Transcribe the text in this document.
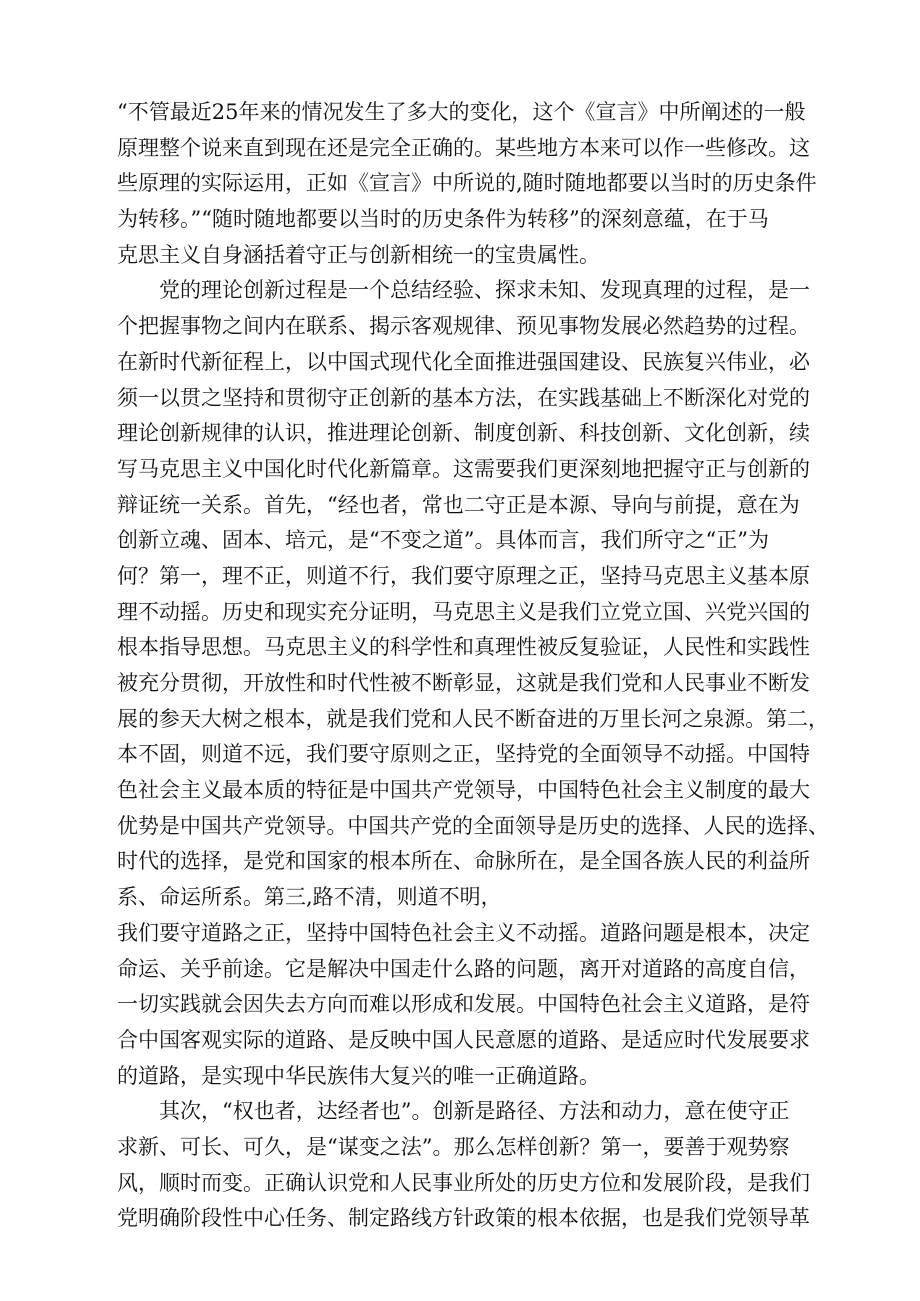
“不管最近25年来的情况发生了多大的变化，这个《宣言》中所阐述的一般
原理整个说来直到现在还是完全正确的。某些地方本来可以作一些修改。这
些原理的实际运用，正如《宣言》中所说的,随时随地都要以当时的历史条件
为转移。”“随时随地都要以当时的历史条件为转移”的深刻意蕴，在于马
克思主义自身涵括着守正与创新相统一的宝贵属性。
党的理论创新过程是一个总结经验、探求未知、发现真理的过程，是一
个把握事物之间内在联系、揭示客观规律、预见事物发展必然趋势的过程。
在新时代新征程上，以中国式现代化全面推进强国建设、民族复兴伟业，必
须一以贯之坚持和贯彻守正创新的基本方法，在实践基础上不断深化对党的
理论创新规律的认识，推进理论创新、制度创新、科技创新、文化创新，续
写马克思主义中国化时代化新篇章。这需要我们更深刻地把握守正与创新的
辩证统一关系。首先，“经也者，常也二守正是本源、导向与前提，意在为
创新立魂、固本、培元，是“不变之道”。具体而言，我们所守之“正”为
何？第一，理不正，则道不行，我们要守原理之正，坚持马克思主义基本原
理不动摇。历史和现实充分证明，马克思主义是我们立党立国、兴党兴国的
根本指导思想。马克思主义的科学性和真理性被反复验证，人民性和实践性
被充分贯彻，开放性和时代性被不断彰显，这就是我们党和人民事业不断发
展的参天大树之根本，就是我们党和人民不断奋进的万里长河之泉源。第二，
本不固，则道不远，我们要守原则之正，坚持党的全面领导不动摇。中国特
色社会主义最本质的特征是中国共产党领导，中国特色社会主义制度的最大
优势是中国共产党领导。中国共产党的全面领导是历史的选择、人民的选择、
时代的选择，是党和国家的根本所在、命脉所在，是全国各族人民的利益所
系、命运所系。第三,路不清，则道不明，
我们要守道路之正，坚持中国特色社会主义不动摇。道路问题是根本，决定
命运、关乎前途。它是解决中国走什么路的问题，离开对道路的高度自信，
一切实践就会因失去方向而难以形成和发展。中国特色社会主义道路，是符
合中国客观实际的道路、是反映中国人民意愿的道路、是适应时代发展要求
的道路，是实现中华民族伟大复兴的唯一正确道路。
其次，“权也者，达经者也”。创新是路径、方法和动力，意在使守正
求新、可长、可久，是“谋变之法”。那么怎样创新？第一，要善于观势察
风，顺时而变。正确认识党和人民事业所处的历史方位和发展阶段，是我们
党明确阶段性中心任务、制定路线方针政策的根本依据，也是我们党领导革
